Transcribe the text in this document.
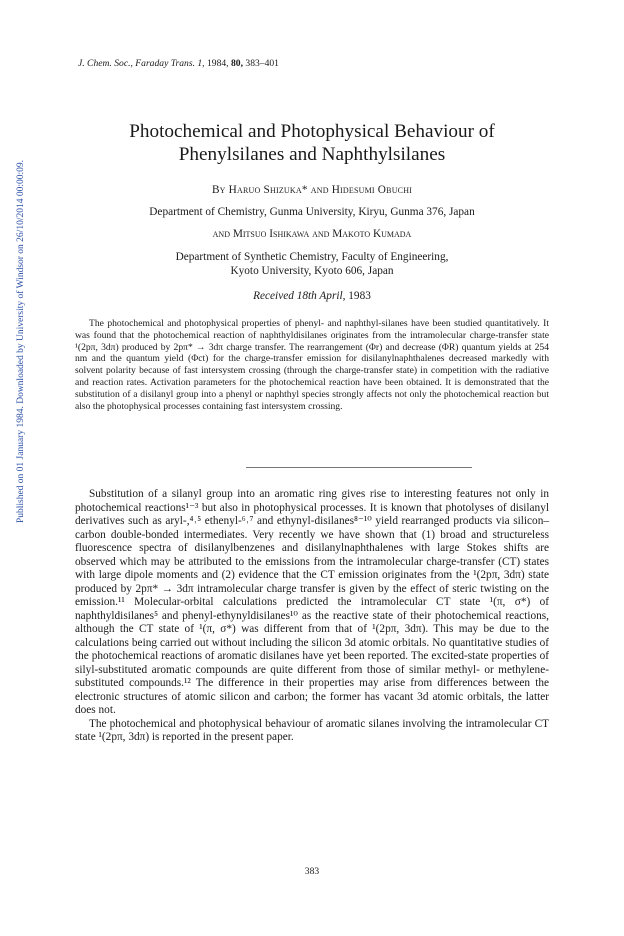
J. Chem. Soc., Faraday Trans. 1, 1984, 80, 383–401
Published on 01 January 1984. Downloaded by University of Windsor on 26/10/2014 00:00:09.
Photochemical and Photophysical Behaviour of
Phenylsilanes and Naphthylsilanes
By Haruo Shizuka* and Hidesumi Obuchi
Department of Chemistry, Gunma University, Kiryu, Gunma 376, Japan
and Mitsuo Ishikawa and Makoto Kumada
Department of Synthetic Chemistry, Faculty of Engineering,
Kyoto University, Kyoto 606, Japan
Received 18th April, 1983
The photochemical and photophysical properties of phenyl- and naphthyl-silanes have been studied quantitatively. It was found that the photochemical reaction of naphthyldisilanes originates from the intramolecular charge-transfer state ¹(2pπ, 3dπ) produced by 2pπ* → 3dπ charge transfer. The rearrangement (Φr) and decrease (ΦR) quantum yields at 254 nm and the quantum yield (Φct) for the charge-transfer emission for disilanylnaphthalenes decreased markedly with solvent polarity because of fast intersystem crossing (through the charge-transfer state) in competition with the radiative and reaction rates. Activation parameters for the photochemical reaction have been obtained. It is demonstrated that the substitution of a disilanyl group into a phenyl or naphthyl species strongly affects not only the photochemical reaction but also the photophysical processes containing fast intersystem crossing.

Substitution of a silanyl group into an aromatic ring gives rise to interesting features not only in photochemical reactions¹⁻³ but also in photophysical processes. It is known that photolyses of disilanyl derivatives such as aryl-,⁴˒⁵ ethenyl-⁶˒⁷ and ethynyl-disilanes⁸⁻¹⁰ yield rearranged products via silicon–carbon double-bonded intermediates. Very recently we have shown that (1) broad and structureless fluorescence spectra of disilanylbenzenes and disilanylnaphthalenes with large Stokes shifts are observed which may be attributed to the emissions from the intramolecular charge-transfer (CT) states with large dipole moments and (2) evidence that the CT emission originates from the ¹(2pπ, 3dπ) state produced by 2pπ* → 3dπ intramolecular charge transfer is given by the effect of steric twisting on the emission.¹¹ Molecular-orbital calculations predicted the intramolecular CT state ¹(π, σ*) of naphthyldisilanes⁵ and phenyl-ethynyldisilanes¹⁰ as the reactive state of their photochemical reactions, although the CT state of ¹(π, σ*) was different from that of ¹(2pπ, 3dπ). This may be due to the calculations being carried out without including the silicon 3d atomic orbitals. No quantitative studies of the photochemical reactions of aromatic disilanes have yet been reported. The excited-state properties of silyl-substituted aromatic compounds are quite different from those of similar methyl- or methylene-substituted compounds.¹² The difference in their properties may arise from differences between the electronic structures of atomic silicon and carbon; the former has vacant 3d atomic orbitals, the latter does not.

The photochemical and photophysical behaviour of aromatic silanes involving the intramolecular CT state ¹(2pπ, 3dπ) is reported in the present paper.

383
